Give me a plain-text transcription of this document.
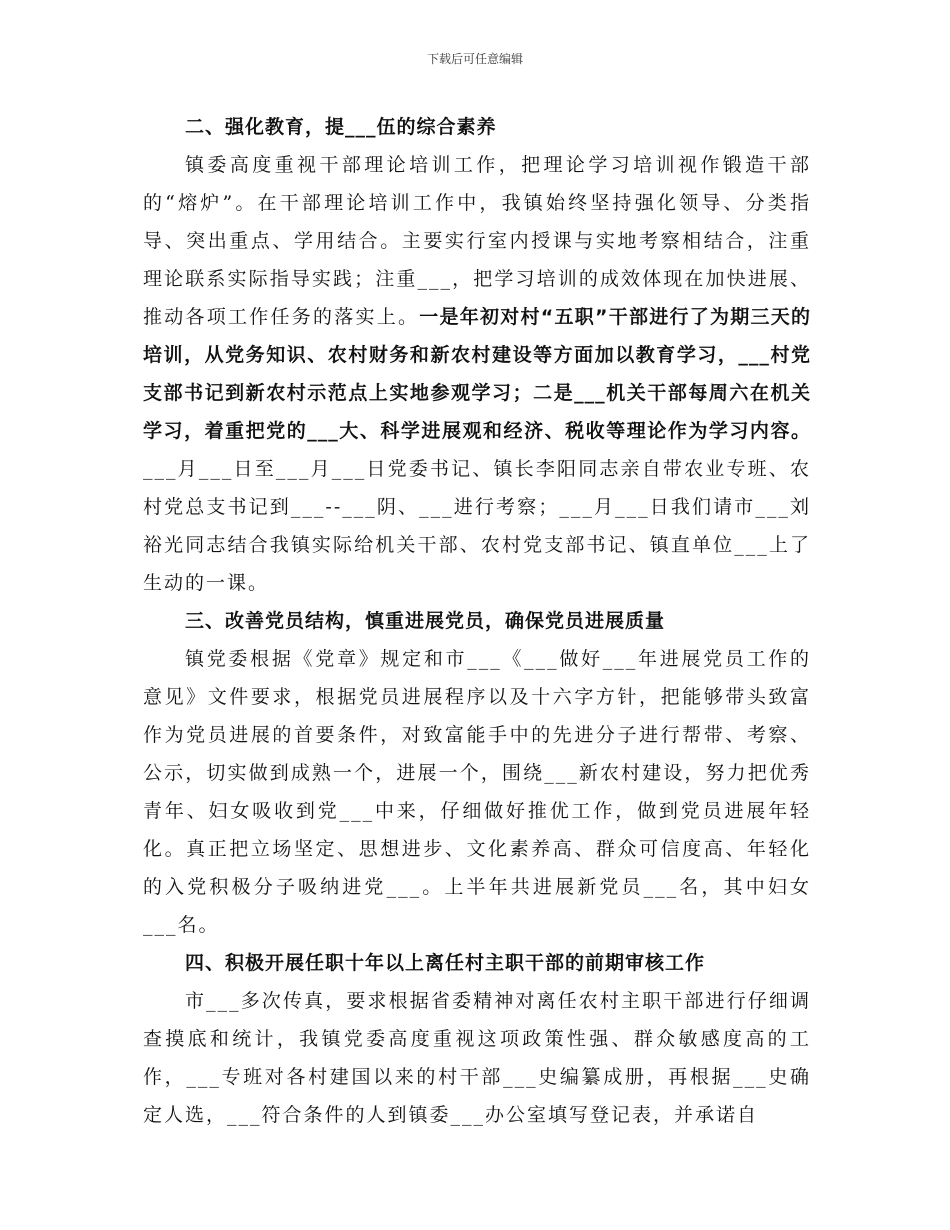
下载后可任意编辑

二、强化教育，提___伍的综合素养

镇委高度重视干部理论培训工作，把理论学习培训视作锻造干部的“熔炉”。在干部理论培训工作中，我镇始终坚持强化领导、分类指导、突出重点、学用结合。主要实行室内授课与实地考察相结合，注重理论联系实际指导实践；注重___，把学习培训的成效体现在加快进展、推动各项工作任务的落实上。一是年初对村“五职”干部进行了为期三天的培训，从党务知识、农村财务和新农村建设等方面加以教育学习，___村党支部书记到新农村示范点上实地参观学习；二是___机关干部每周六在机关学习，着重把党的___大、科学进展观和经济、税收等理论作为学习内容。___月___日至___月___日党委书记、镇长李阳同志亲自带农业专班、农村党总支书记到___--___阴、___进行考察；___月___日我们请市___刘裕光同志结合我镇实际给机关干部、农村党支部书记、镇直单位___上了生动的一课。

三、改善党员结构，慎重进展党员，确保党员进展质量

镇党委根据《党章》规定和市___《___做好___年进展党员工作的意见》文件要求，根据党员进展程序以及十六字方针，把能够带头致富作为党员进展的首要条件，对致富能手中的先进分子进行帮带、考察、公示，切实做到成熟一个，进展一个，围绕___新农村建设，努力把优秀青年、妇女吸收到党___中来，仔细做好推优工作，做到党员进展年轻化。真正把立场坚定、思想进步、文化素养高、群众可信度高、年轻化的入党积极分子吸纳进党___。上半年共进展新党员___名，其中妇女___名。

四、积极开展任职十年以上离任村主职干部的前期审核工作

市___多次传真，要求根据省委精神对离任农村主职干部进行仔细调查摸底和统计，我镇党委高度重视这项政策性强、群众敏感度高的工作，___专班对各村建国以来的村干部___史编纂成册，再根据___史确定人选，___符合条件的人到镇委___办公室填写登记表，并承诺自
